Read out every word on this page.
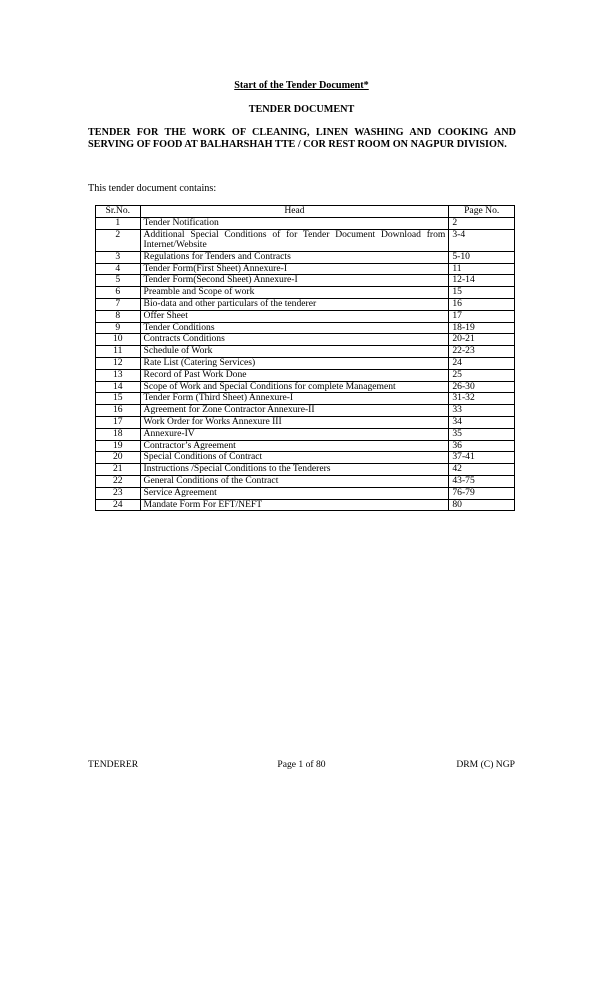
Start of the Tender Document*
TENDER DOCUMENT
TENDER FOR THE WORK OF CLEANING, LINEN WASHING AND COOKING AND SERVING OF FOOD AT BALHARSHAH TTE / COR REST ROOM ON NAGPUR DIVISION.
This tender document contains:
Sr.No.	Head	Page No.
1	Tender Notification	2
2	Additional Special Conditions of for Tender Document Download from Internet/Website	3-4
3	Regulations for Tenders and Contracts	5-10
4	Tender Form(First Sheet) Annexure-I	11
5	Tender Form(Second Sheet) Annexure-I	12-14
6	Preamble and Scope of work	15
7	Bio-data and other particulars of the tenderer	16
8	Offer Sheet	17
9	Tender Conditions	18-19
10	Contracts Conditions	20-21
11	Schedule of Work	22-23
12	Rate List (Catering Services)	24
13	Record of Past Work Done	25
14	Scope of Work and Special Conditions for complete Management	26-30
15	Tender Form (Third Sheet) Annexure-I	31-32
16	Agreement for Zone Contractor Annexure-II	33
17	Work Order for Works Annexure III	34
18	Annexure-IV	35
19	Contractor’s Agreement	36
20	Special Conditions of Contract	37-41
21	Instructions /Special Conditions to the Tenderers	42
22	General Conditions of the Contract	43-75
23	Service Agreement	76-79
24	Mandate Form For EFT/NEFT	80
TENDERER	Page 1 of 80	DRM (C) NGP
